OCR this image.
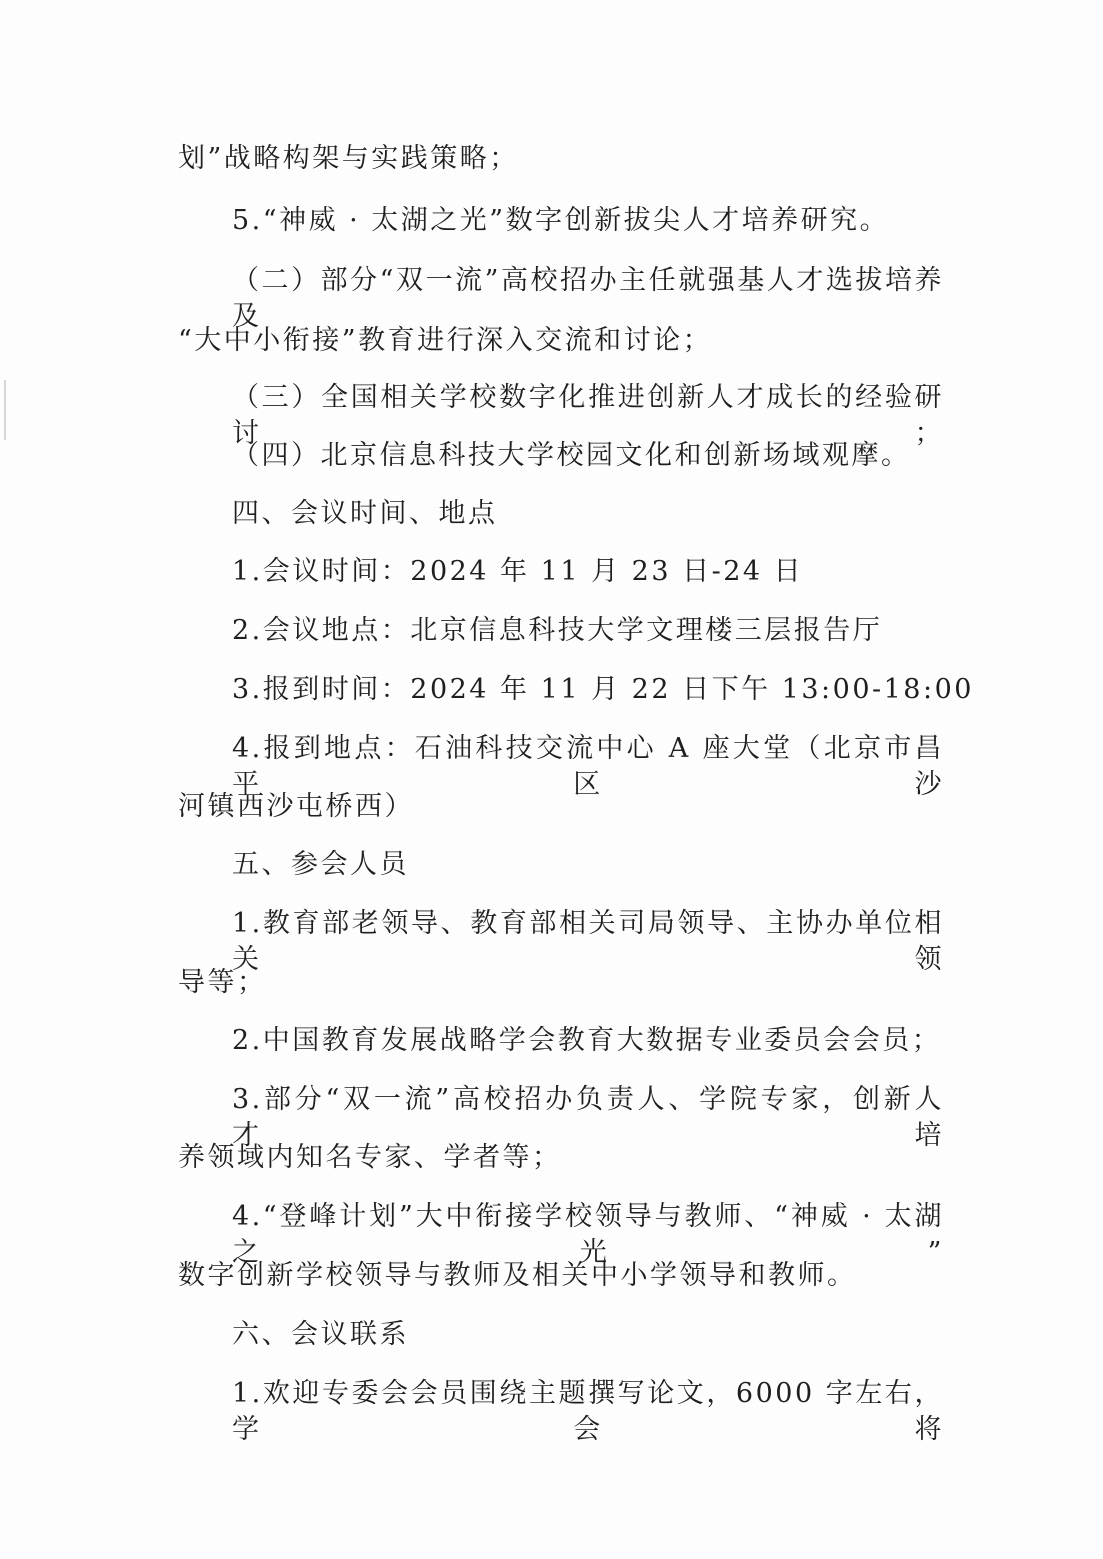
划”战略构架与实践策略；
5.“神威 · 太湖之光”数字创新拔尖人才培养研究。
（二）部分“双一流”高校招办主任就强基人才选拔培养及
“大中小衔接”教育进行深入交流和讨论；
（三）全国相关学校数字化推进创新人才成长的经验研讨；
（四）北京信息科技大学校园文化和创新场域观摩。
四、会议时间、地点
1.会议时间：2024 年 11 月 23 日-24 日
2.会议地点：北京信息科技大学文理楼三层报告厅
3.报到时间：2024 年 11 月 22 日下午 13:00-18:00
4.报到地点：石油科技交流中心 A 座大堂（北京市昌平区沙
河镇西沙屯桥西）
五、参会人员
1.教育部老领导、教育部相关司局领导、主协办单位相关领
导等；
2.中国教育发展战略学会教育大数据专业委员会会员；
3.部分“双一流”高校招办负责人、学院专家，创新人才培
养领域内知名专家、学者等；
4.“登峰计划”大中衔接学校领导与教师、“神威 · 太湖之光”
数字创新学校领导与教师及相关中小学领导和教师。
六、会议联系
1.欢迎专委会会员围绕主题撰写论文，6000 字左右，学会将
